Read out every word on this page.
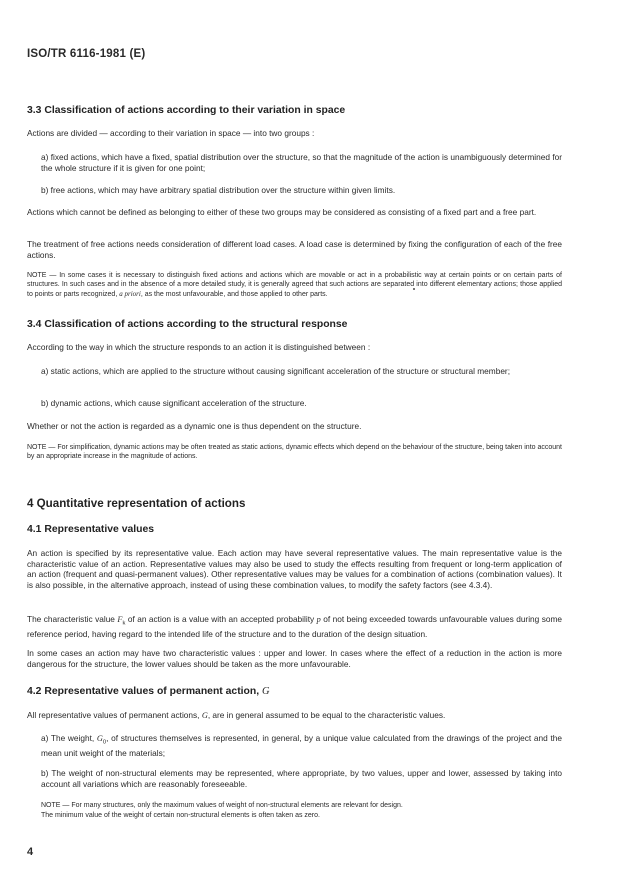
ISO/TR 6116-1981 (E)
3.3 Classification of actions according to their variation in space
Actions are divided — according to their variation in space — into two groups :
a) fixed actions, which have a fixed, spatial distribution over the structure, so that the magnitude of the action is unambiguously determined for the whole structure if it is given for one point;
b) free actions, which may have arbitrary spatial distribution over the structure within given limits.
Actions which cannot be defined as belonging to either of these two groups may be considered as consisting of a fixed part and a free part.
The treatment of free actions needs consideration of different load cases. A load case is determined by fixing the configuration of each of the free actions.
NOTE — In some cases it is necessary to distinguish fixed actions and actions which are movable or act in a probabilistic way at certain points or on certain parts of structures. In such cases and in the absence of a more detailed study, it is generally agreed that such actions are separated into different elementary actions; those applied to points or parts recognized, a priori, as the most unfavourable, and those applied to other parts.
3.4 Classification of actions according to the structural response
According to the way in which the structure responds to an action it is distinguished between :
a) static actions, which are applied to the structure without causing significant acceleration of the structure or structural member;
b) dynamic actions, which cause significant acceleration of the structure.
Whether or not the action is regarded as a dynamic one is thus dependent on the structure.
NOTE — For simplification, dynamic actions may be often treated as static actions, dynamic effects which depend on the behaviour of the structure, being taken into account by an appropriate increase in the magnitude of actions.
4 Quantitative representation of actions
4.1 Representative values
An action is specified by its representative value. Each action may have several representative values. The main representative value is the characteristic value of an action. Representative values may also be used to study the effects resulting from frequent or long-term application of an action (frequent and quasi-permanent values). Other representative values may be values for a combination of actions (combination values). It is also possible, in the alternative approach, instead of using these combination values, to modify the safety factors (see 4.3.4).
The characteristic value $F_k$ of an action is a value with an accepted probability p of not being exceeded towards unfavourable values during some reference period, having regard to the intended life of the structure and to the duration of the design situation.
In some cases an action may have two characteristic values : upper and lower. In cases where the effect of a reduction in the action is more dangerous for the structure, the lower values should be taken as the more unfavourable.
4.2 Representative values of permanent action, G
All representative values of permanent actions, G, are in general assumed to be equal to the characteristic values.
a) The weight, $G_0$, of structures themselves is represented, in general, by a unique value calculated from the drawings of the project and the mean unit weight of the materials;
b) The weight of non-structural elements may be represented, where appropriate, by two values, upper and lower, assessed by taking into account all variations which are reasonably foreseeable.
NOTE — For many structures, only the maximum values of weight of non-structural elements are relevant for design.
The minimum value of the weight of certain non-structural elements is often taken as zero.
4
